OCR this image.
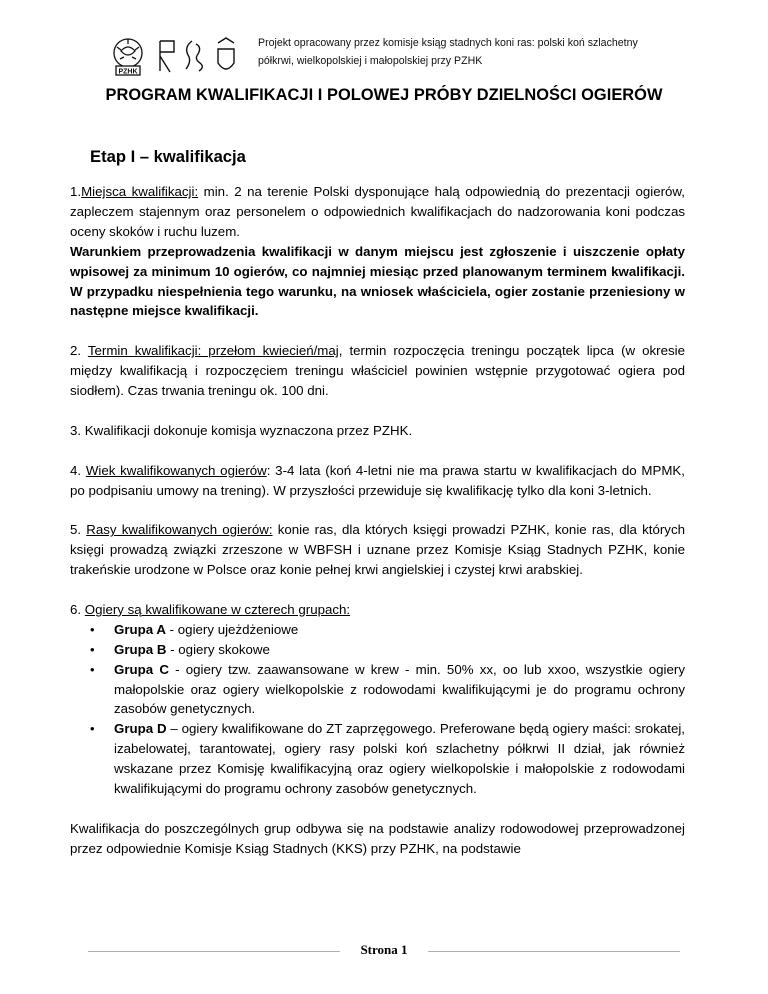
PZHK
Projekt opracowany przez komisje ksiąg stadnych koni ras: polski koń szlachetny
półkrwi, wielkopolskiej i małopolskiej przy PZHK
PROGRAM KWALIFIKACJI I POLOWEJ PRÓBY DZIELNOŚCI OGIERÓW
Etap I – kwalifikacja

1.Miejsca kwalifikacji: min. 2 na terenie Polski dysponujące halą odpowiednią do prezentacji ogierów, zapleczem stajennym oraz personelem o odpowiednich kwalifikacjach do nadzorowania koni podczas oceny skoków i ruchu luzem.

Warunkiem przeprowadzenia kwalifikacji w danym miejscu jest zgłoszenie i uiszczenie opłaty wpisowej za minimum 10 ogierów, co najmniej miesiąc przed planowanym terminem kwalifikacji. W przypadku niespełnienia tego warunku, na wniosek właściciela, ogier zostanie przeniesiony w następne miejsce kwalifikacji.

2. Termin kwalifikacji: przełom kwiecień/maj, termin rozpoczęcia treningu początek lipca (w okresie między kwalifikacją i rozpoczęciem treningu właściciel powinien wstępnie przygotować ogiera pod siodłem). Czas trwania treningu ok. 100 dni.

3. Kwalifikacji dokonuje komisja wyznaczona przez PZHK.

4. Wiek kwalifikowanych ogierów: 3-4 lata (koń 4-letni nie ma prawa startu w kwalifikacjach do MPMK, po podpisaniu umowy na trening). W przyszłości przewiduje się kwalifikację tylko dla koni 3-letnich.

5. Rasy kwalifikowanych ogierów: konie ras, dla których księgi prowadzi PZHK, konie ras, dla których księgi prowadzą związki zrzeszone w WBFSH i uznane przez Komisje Ksiąg Stadnych PZHK, konie trakeńskie urodzone w Polsce oraz konie pełnej krwi angielskiej i czystej krwi arabskiej.

6. Ogiery są kwalifikowane w czterech grupach:

• Grupa A - ogiery ujeżdżeniowe
• Grupa B - ogiery skokowe
• Grupa C - ogiery tzw. zaawansowane w krew - min. 50% xx, oo lub xxoo, wszystkie ogiery małopolskie oraz ogiery wielkopolskie z rodowodami kwalifikującymi je do programu ochrony zasobów genetycznych.
• Grupa D – ogiery kwalifikowane do ZT zaprzęgowego. Preferowane będą ogiery maści: srokatej, izabelowatej, tarantowatej, ogiery rasy polski koń szlachetny półkrwi II dział, jak również wskazane przez Komisję kwalifikacyjną oraz ogiery wielkopolskie i małopolskie z rodowodami kwalifikującymi do programu ochrony zasobów genetycznych.

Kwalifikacja do poszczególnych grup odbywa się na podstawie analizy rodowodowej przeprowadzonej przez odpowiednie Komisje Ksiąg Stadnych (KKS) przy PZHK, na podstawie

Strona 1
